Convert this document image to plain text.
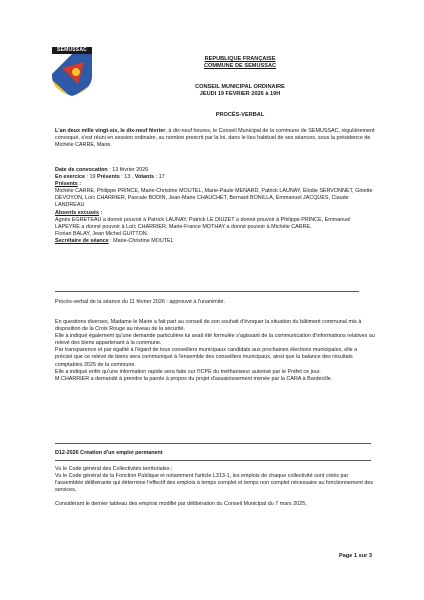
SEMUSSAC
REPUBLIQUE FRANÇAISE
COMMUNE DE SEMUSSAC
CONSEIL MUNICIPAL ORDINAIRE
JEUDI 19 FEVRIER 2026 à 19H
PROCÈS-VERBAL
L'an deux mille vingt-six, le dix-neuf février, à dix-neuf heures, le Conseil Municipal de la commune de SEMUSSAC, régulièrement convoqué, s'est réuni en session ordinaire, au nombre prescrit par la loi, dans le lieu habituel de ses séances, sous la présidence de Michèle CARRE, Maire.
Date de convocation : 13 février 2026
En exercice : 19 Présents : 13 , Votants : 17
Présents :
Michèle CARRE, Philippe PRINCE, Marie-Christine MOUTEL, Marie-Paule MENARD, Patrick LAUNAY, Elodie SERVONNET, Ginette DEVOYON, Loïc CHARRIER, Pascale BODIN, Jean-Marie CHAUCHET, Bernard BONILLA, Emmanuel JACQUES, Claude LANDREAU
Absents excusés :
Agnès EGRETEAU a donné pouvoir à Patrick LAUNAY, Patrick LE DIUZET a donné pouvoir à Philippe PRINCE, Emmanuel LAPEYRE a donné pouvoir à Loïc CHARRIER, Marie-France MOTHAY a donné pouvoir à Michèle CARRE,
Florian BALAY, Jean Michel GUITTON.
Secrétaire de séance : Marie-Christine MOUTEL
Procès-verbal de la séance du 11 février 2026 : approuvé à l'unanimité.
En questions diverses, Madame le Maire a fait part au conseil de son souhait d'évoquer la situation du bâtiment communal mis à disposition de la Croix Rouge au niveau de la sécurité.
Elle a indiqué également qu'une demande particulière lui avait été formulée s'agissant de la communication d'informations relatives au relevé des biens appartenant à la commune.
Par transparence et par égalité à l'égard de tous conseillers municipaux candidats aux prochaines élections municipales, elle a précisé que ce relevé de biens sera communiqué à l'ensemble des conseillers municipaux, ainsi que la balance des résultats comptables 2025 de la commune.
Elle a indiqué enfin qu'une information rapide sera faite sur l'ICPE du méthaniseur autorisé par le Préfet ce jour.
M.CHARRIER a demandé à prendre la parole à propos du projet d'assainissement menée par la CARA à Bardecille.
D12-2026 Création d'un emploi permanent
Vu le Code général des Collectivités territoriales ;
Vu le Code général de la Fonction Publique et notamment l'article L313-1, les emplois de chaque collectivité sont créés par l'assemblée délibérante qui détermine l'effectif des emplois à temps complet et temps non complet nécessaire au fonctionnement des services,
Considérant le dernier tableau des emplois modifié par délibération du Conseil Municipal du 7 mars 2025,
Page 1 sur 3
